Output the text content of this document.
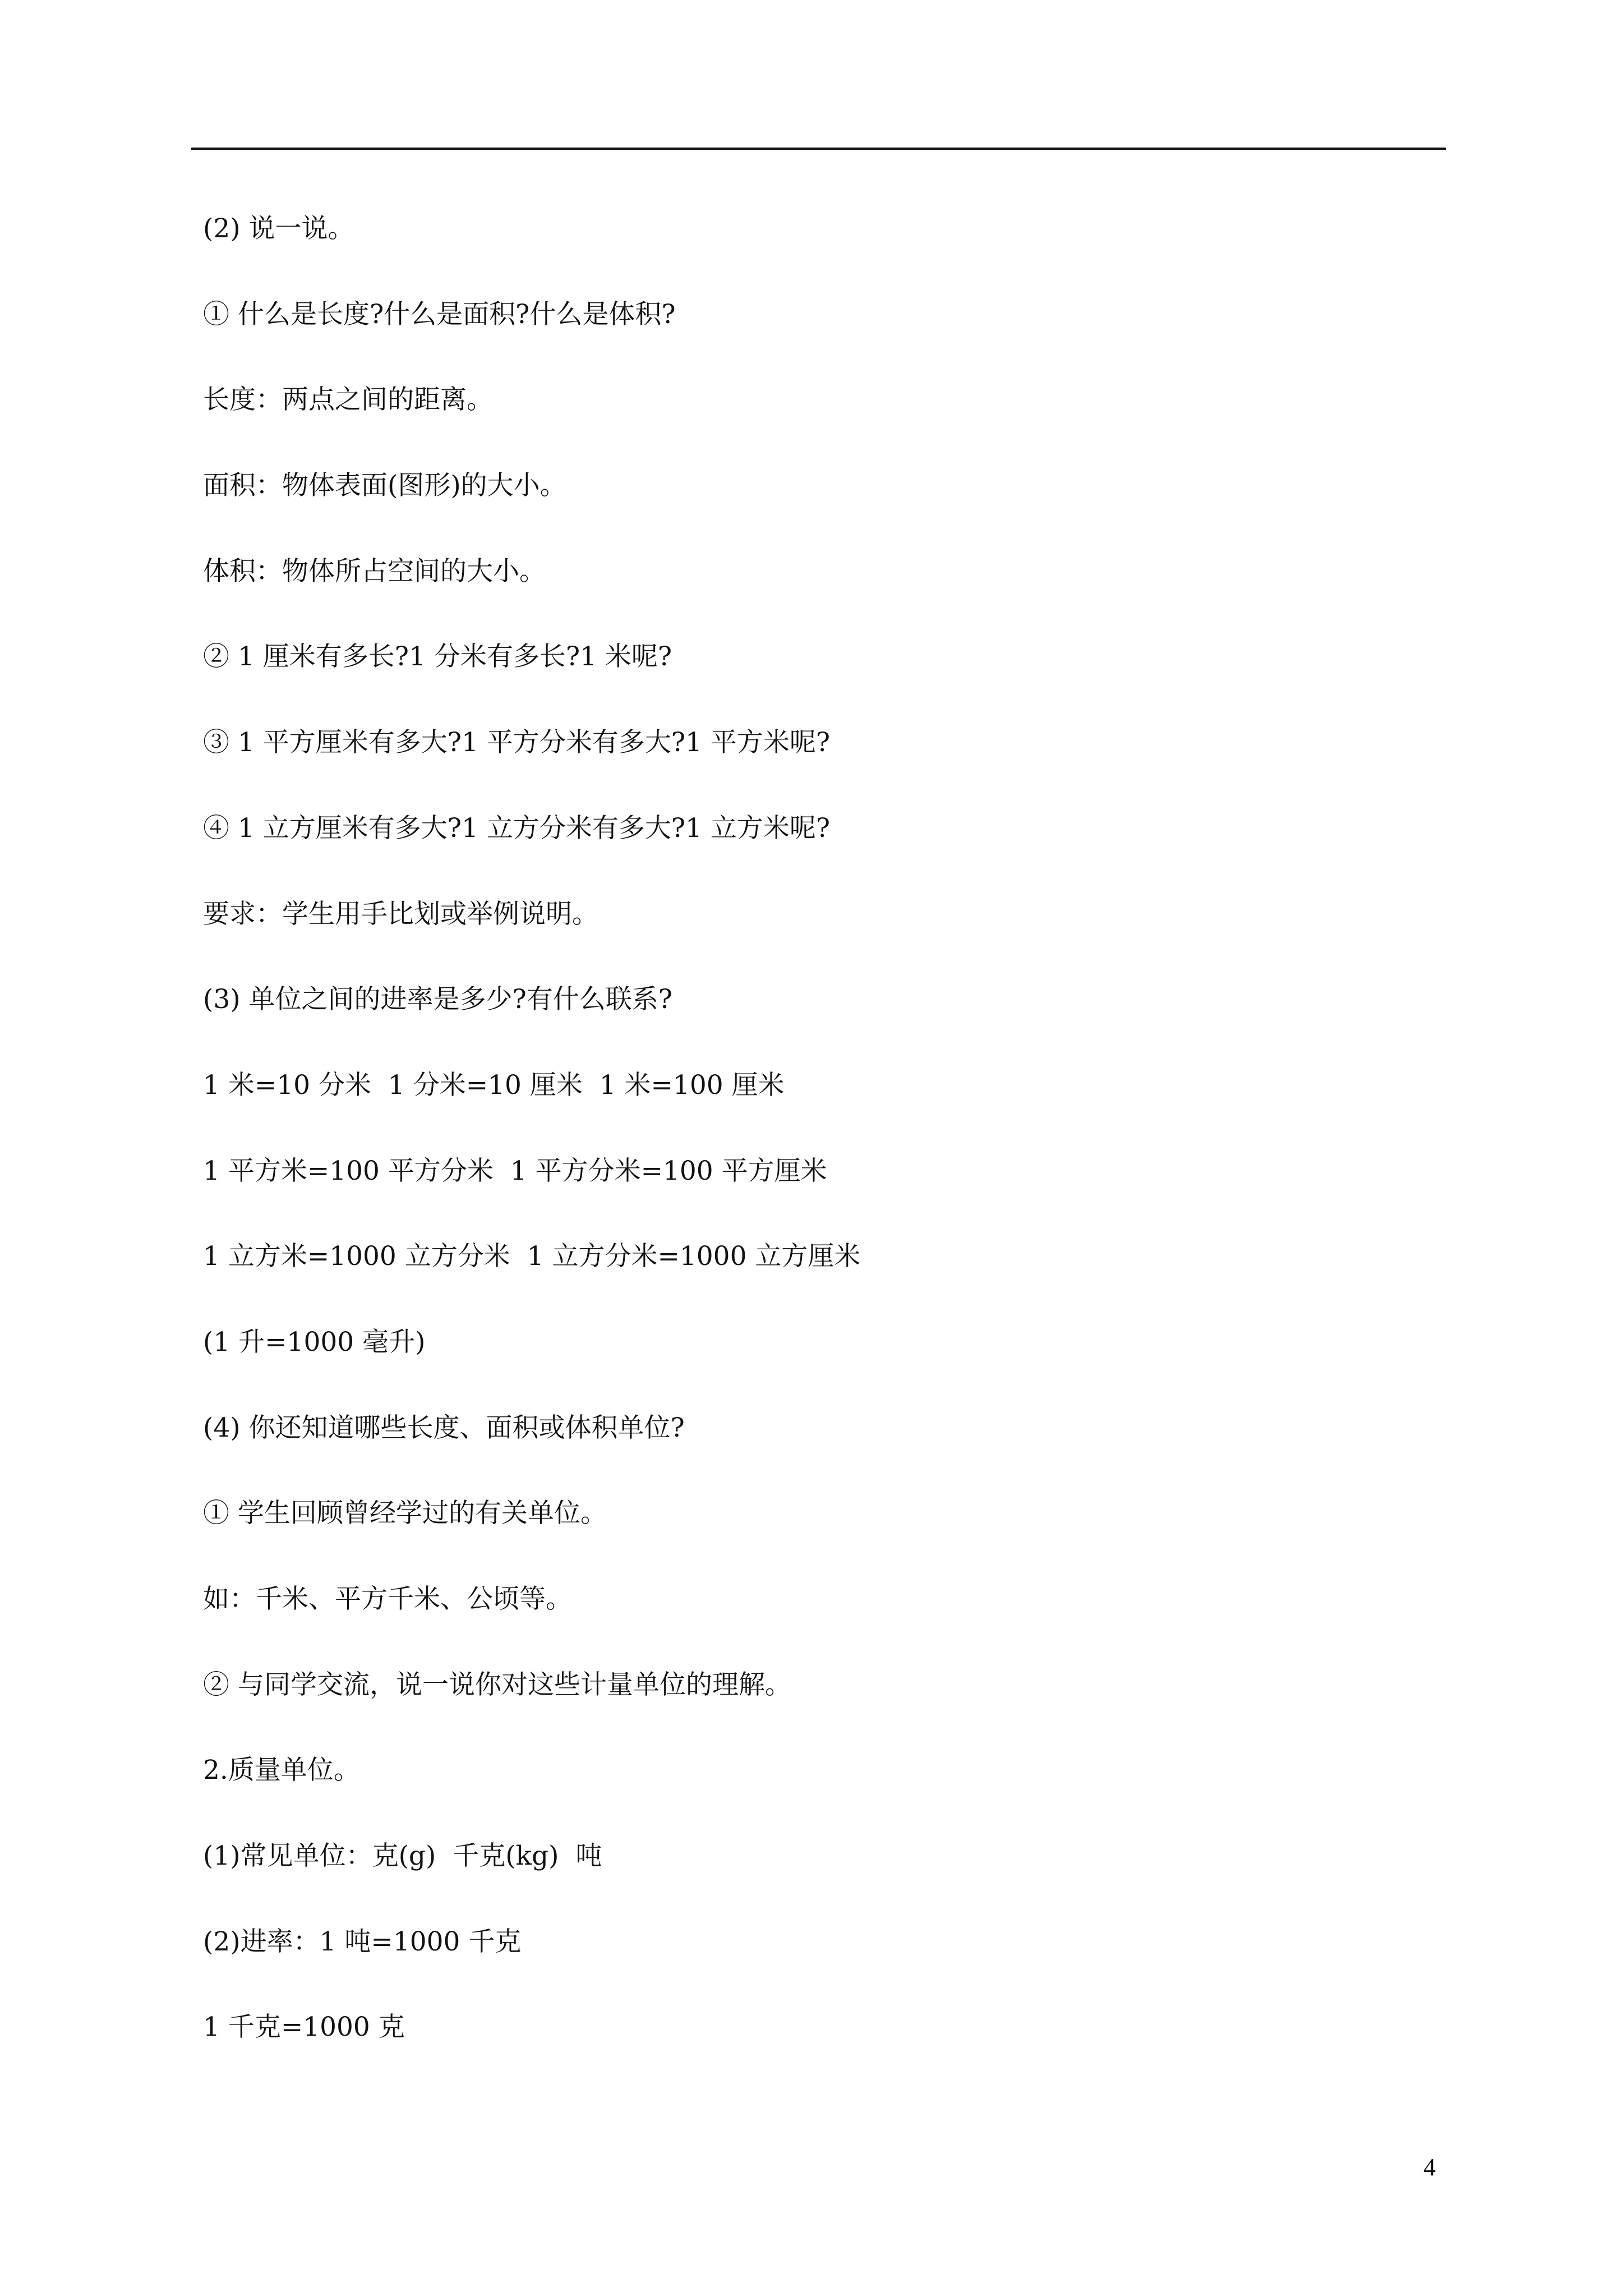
(2) 说一说。
① 什么是长度?什么是面积?什么是体积?
长度：两点之间的距离。
面积：物体表面(图形)的大小。
体积：物体所占空间的大小。
② 1 厘米有多长?1 分米有多长?1 米呢?
③ 1 平方厘米有多大?1 平方分米有多大?1 平方米呢?
④ 1 立方厘米有多大?1 立方分米有多大?1 立方米呢?
要求：学生用手比划或举例说明。
(3) 单位之间的进率是多少?有什么联系?
1 米=10 分米  1 分米=10 厘米  1 米=100 厘米
1 平方米=100 平方分米  1 平方分米=100 平方厘米
1 立方米=1000 立方分米  1 立方分米=1000 立方厘米
(1 升=1000 毫升)
(4) 你还知道哪些长度、面积或体积单位?
① 学生回顾曾经学过的有关单位。
如：千米、平方千米、公顷等。
② 与同学交流，说一说你对这些计量单位的理解。
2.质量单位。
(1)常见单位：克(g)  千克(kg)  吨
(2)进率：1 吨=1000 千克
1 千克=1000 克
4
